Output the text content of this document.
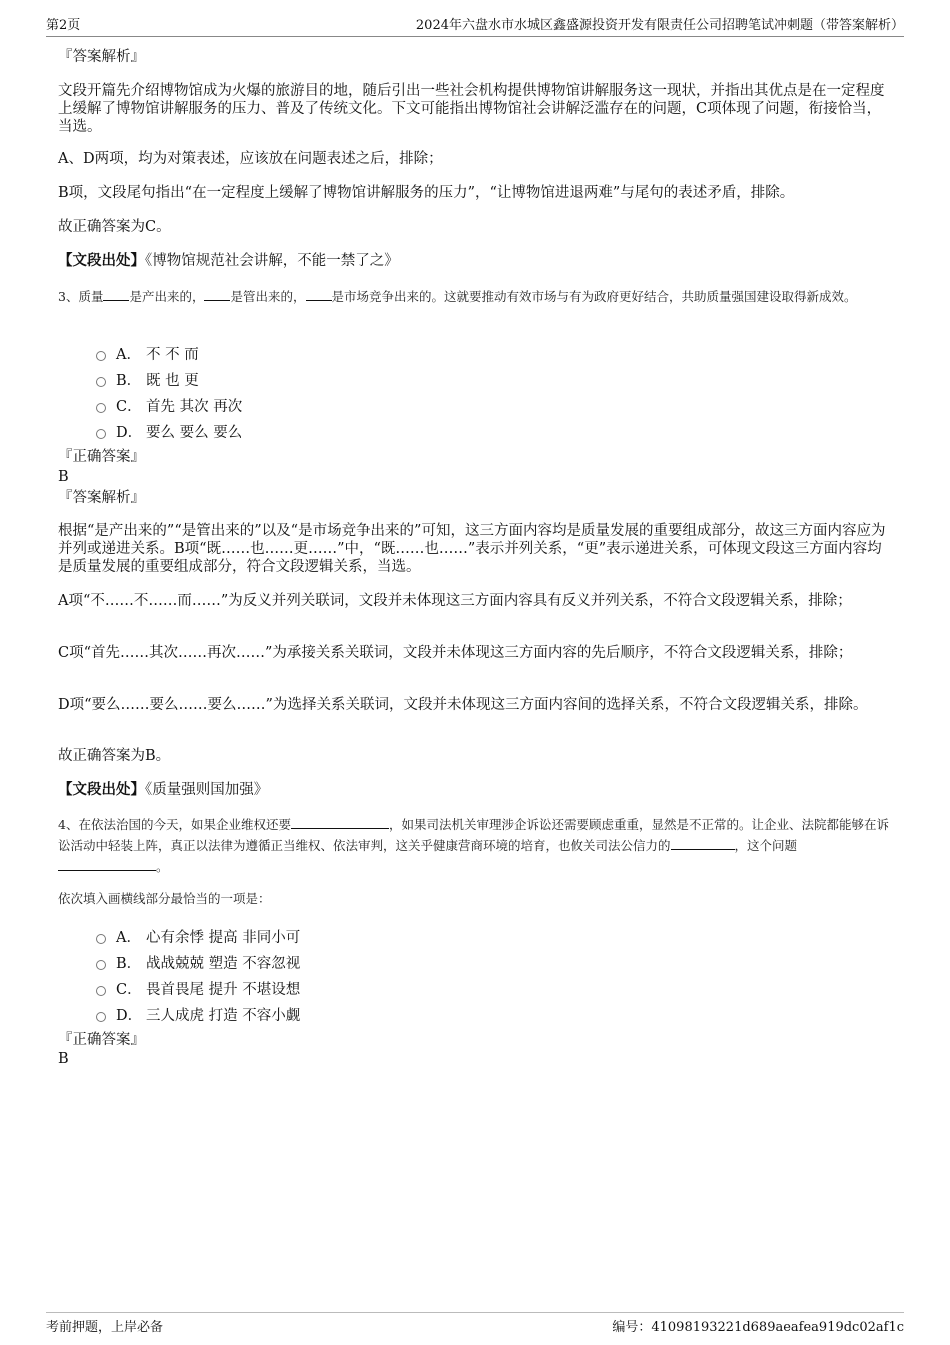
第2页	2024年六盘水市水城区鑫盛源投资开发有限责任公司招聘笔试冲刺题（带答案解析）
『答案解析』
文段开篇先介绍博物馆成为火爆的旅游目的地，随后引出一些社会机构提供博物馆讲解服务这一现状，并指出其优点是在一定程度上缓解了博物馆讲解服务的压力、普及了传统文化。下文可能指出博物馆社会讲解泛滥存在的问题，C项体现了问题，衔接恰当，当选。
A、D两项，均为对策表述，应该放在问题表述之后，排除；
B项，文段尾句指出“在一定程度上缓解了博物馆讲解服务的压力”，“让博物馆进退两难”与尾句的表述矛盾，排除。
故正确答案为C。
【文段出处】《博物馆规范社会讲解，不能一禁了之》
3、质量 是产出来的， 是管出来的， 是市场竞争出来的。这就要推动有效市场与有为政府更好结合，共助质量强国建设取得新成效。
A． 不 不 而
B． 既 也 更
C． 首先 其次 再次
D． 要么 要么 要么
『正确答案』
B
『答案解析』
根据“是产出来的”“是管出来的”以及“是市场竞争出来的”可知，这三方面内容均是质量发展的重要组成部分，故这三方面内容应为并列或递进关系。B项“既……也……更……”中，“既……也……”表示并列关系，“更”表示递进关系，可体现文段这三方面内容均是质量发展的重要组成部分，符合文段逻辑关系，当选。
A项“不……不……而……”为反义并列关联词，文段并未体现这三方面内容具有反义并列关系，不符合文段逻辑关系，排除；
C项“首先……其次……再次……”为承接关系关联词，文段并未体现这三方面内容的先后顺序，不符合文段逻辑关系，排除；
D项“要么……要么……要么……”为选择关系关联词，文段并未体现这三方面内容间的选择关系，不符合文段逻辑关系，排除。
故正确答案为B。
【文段出处】《质量强则国加强》
4、在依法治国的今天，如果企业维权还要	，如果司法机关审理涉企诉讼还需要顾虑重重，显然是不正常的。让企业、法院都能够在诉讼活动中轻装上阵，真正以法律为遵循正当维权、依法审判，这关乎健康营商环境的培育，也攸关司法公信力的	，这个问题。
依次填入画横线部分最恰当的一项是：
A． 心有余悸 提高 非同小可
B． 战战兢兢 塑造 不容忽视
C． 畏首畏尾 提升 不堪设想
D． 三人成虎 打造 不容小觑
『正确答案』
B
考前押题，上岸必备	编号：41098193221d689aeafea919dc02af1c
